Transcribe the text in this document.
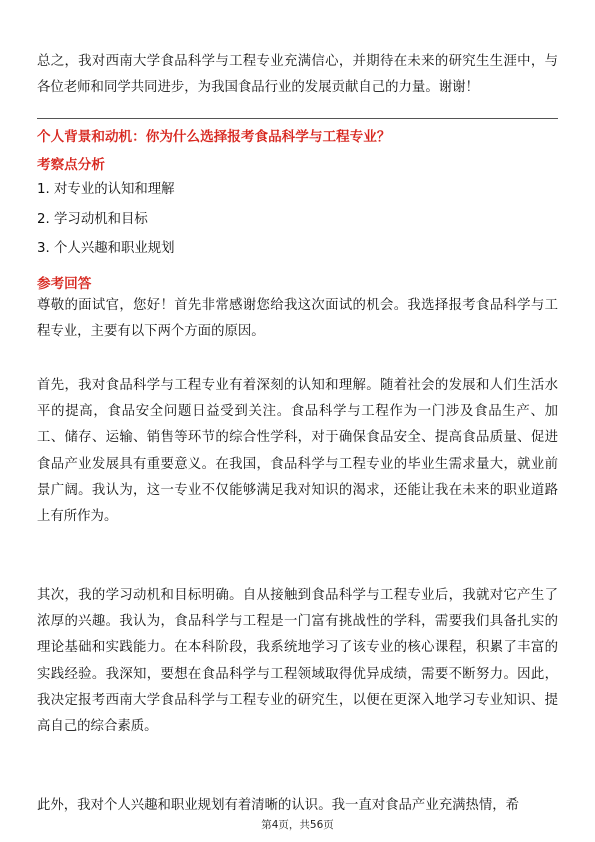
总之，我对西南大学食品科学与工程专业充满信心，并期待在未来的研究生生涯中，与各位老师和同学共同进步，为我国食品行业的发展贡献自己的力量。谢谢！

个人背景和动机：你为什么选择报考食品科学与工程专业？

考察点分析

1. 对专业的认知和理解
2. 学习动机和目标
3. 个人兴趣和职业规划

参考回答

尊敬的面试官，您好！首先非常感谢您给我这次面试的机会。我选择报考食品科学与工程专业，主要有以下两个方面的原因。

首先，我对食品科学与工程专业有着深刻的认知和理解。随着社会的发展和人们生活水平的提高，食品安全问题日益受到关注。食品科学与工程作为一门涉及食品生产、加工、储存、运输、销售等环节的综合性学科，对于确保食品安全、提高食品质量、促进食品产业发展具有重要意义。在我国，食品科学与工程专业的毕业生需求量大，就业前景广阔。我认为，这一专业不仅能够满足我对知识的渴求，还能让我在未来的职业道路上有所作为。

其次，我的学习动机和目标明确。自从接触到食品科学与工程专业后，我就对它产生了浓厚的兴趣。我认为，食品科学与工程是一门富有挑战性的学科，需要我们具备扎实的理论基础和实践能力。在本科阶段，我系统地学习了该专业的核心课程，积累了丰富的实践经验。我深知，要想在食品科学与工程领域取得优异成绩，需要不断努力。因此，我决定报考西南大学食品科学与工程专业的研究生，以便在更深入地学习专业知识、提高自己的综合素质。

此外，我对个人兴趣和职业规划有着清晰的认识。我一直对食品产业充满热情，希

第4页，共56页
